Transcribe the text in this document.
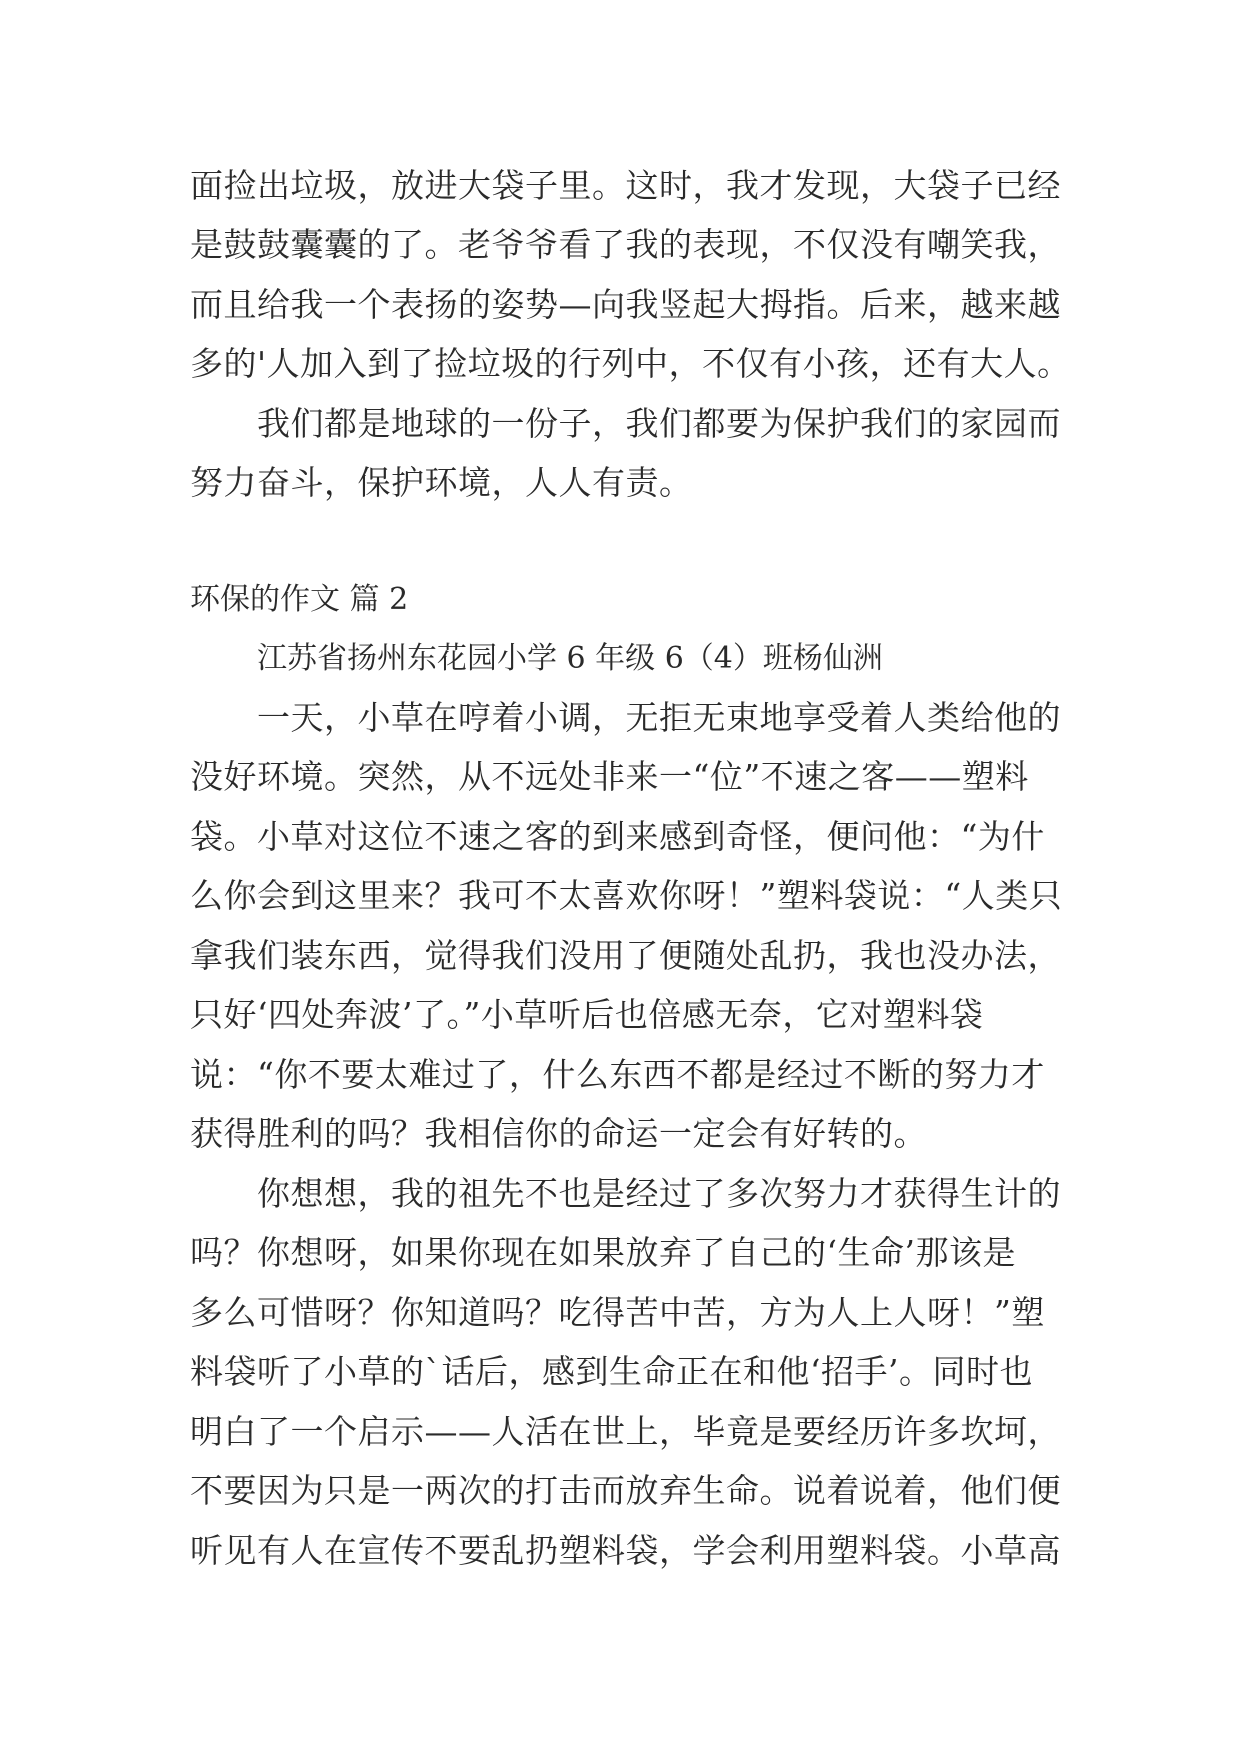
面捡出垃圾，放进大袋子里。这时，我才发现，大袋子已经
是鼓鼓囊囊的了。老爷爷看了我的表现，不仅没有嘲笑我，
而且给我一个表扬的姿势—向我竖起大拇指。后来，越来越
多的'人加入到了捡垃圾的行列中，不仅有小孩，还有大人。
我们都是地球的一份子，我们都要为保护我们的家园而
努力奋斗，保护环境，人人有责。
环保的作文 篇 2
江苏省扬州东花园小学 6 年级 6（4）班杨仙洲
一天，小草在哼着小调，无拒无束地享受着人类给他的
没好环境。突然，从不远处非来一“位”不速之客——塑料
袋。小草对这位不速之客的到来感到奇怪，便问他：“为什
么你会到这里来？我可不太喜欢你呀！”塑料袋说：“人类只
拿我们装东西，觉得我们没用了便随处乱扔，我也没办法，
只好‘四处奔波’了。”小草听后也倍感无奈，它对塑料袋
说：“你不要太难过了，什么东西不都是经过不断的努力才
获得胜利的吗？我相信你的命运一定会有好转的。
你想想，我的祖先不也是经过了多次努力才获得生计的
吗？你想呀，如果你现在如果放弃了自己的‘生命’那该是
多么可惜呀？你知道吗？吃得苦中苦，方为人上人呀！”塑
料袋听了小草的`话后，感到生命正在和他‘招手’。同时也
明白了一个启示——人活在世上，毕竟是要经历许多坎坷，
不要因为只是一两次的打击而放弃生命。说着说着，他们便
听见有人在宣传不要乱扔塑料袋，学会利用塑料袋。小草高
